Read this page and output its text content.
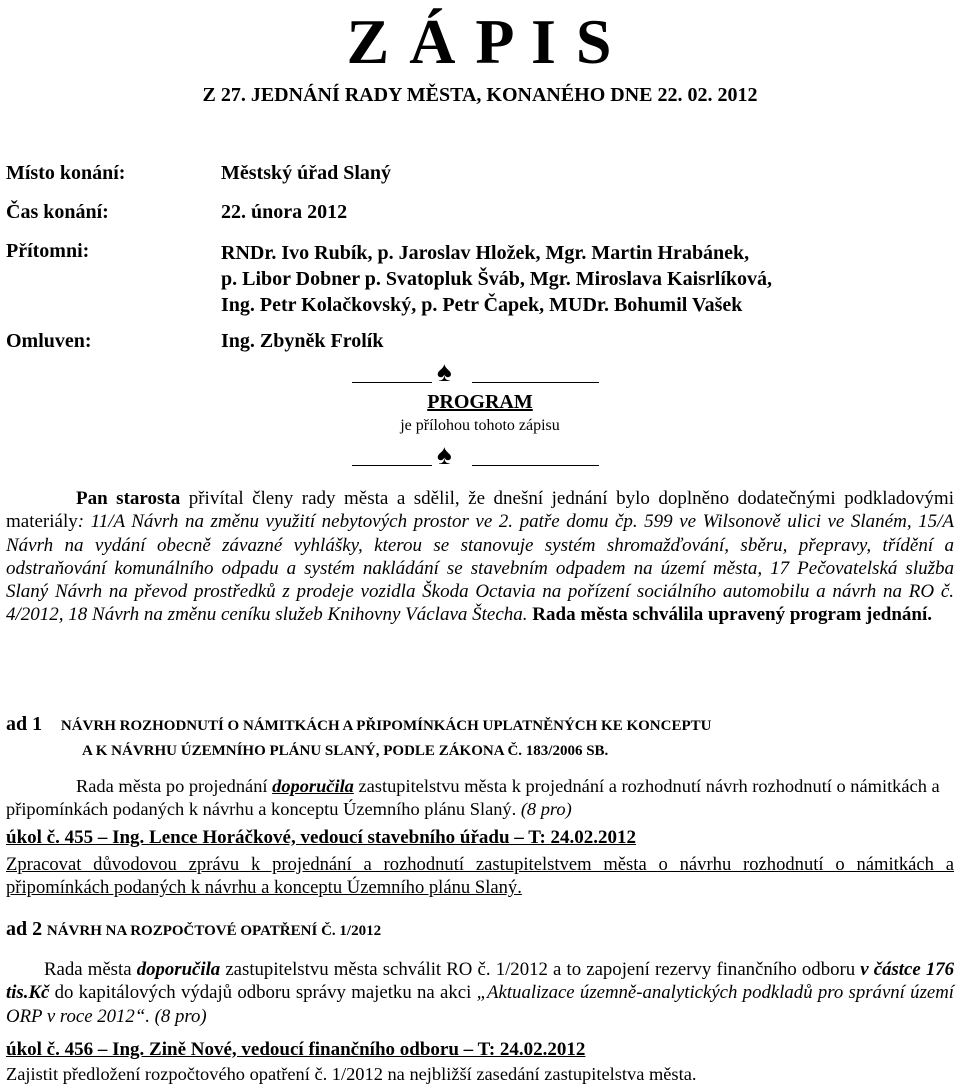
Z Á P I S
Z 27. JEDNÁNÍ RADY MĚSTA, KONANÉHO DNE 22. 02. 2012
Místo konání:	Městský úřad Slaný
Čas konání:	22. února 2012
Přítomni:	RNDr. Ivo Rubík, p. Jaroslav Hložek, Mgr. Martin Hrabánek,
p. Libor Dobner p. Svatopluk Šváb, Mgr. Miroslava Kaisrlíková,
Ing. Petr Kolačkovský, p. Petr Čapek, MUDr. Bohumil Vašek
Omluven:	Ing. Zbyněk Frolík
♠
PROGRAM
je přílohou tohoto zápisu
♠
Pan starosta přivítal členy rady města a sdělil, že dnešní jednání bylo doplněno dodatečnými podkladovými materiály: 11/A Návrh na změnu využití nebytových prostor ve 2. patře domu čp. 599 ve Wilsonově ulici ve Slaném, 15/A Návrh na vydání obecně závazné vyhlášky, kterou se stanovuje systém shromažďování, sběru, přepravy, třídění a odstraňování komunálního odpadu a systém nakládání se stavebním odpadem na území města, 17 Pečovatelská služba Slaný Návrh na převod prostředků z prodeje vozidla Škoda Octavia na pořízení sociálního automobilu a návrh na RO č. 4/2012, 18 Návrh na změnu ceníku služeb Knihovny Václava Štecha. Rada města schválila upravený program jednání.
ad 1 NÁVRH ROZHODNUTÍ O NÁMITKÁCH A PŘIPOMÍNKÁCH UPLATNĚNÝCH KE KONCEPTU
A K NÁVRHU ÚZEMNÍHO PLÁNU SLANÝ, PODLE ZÁKONA Č. 183/2006 SB.
Rada města po projednání doporučila zastupitelstvu města k projednání a rozhodnutí návrh rozhodnutí o námitkách a připomínkách podaných k návrhu a konceptu Územního plánu Slaný. (8 pro)
úkol č. 455 – Ing. Lence Horáčkové, vedoucí stavebního úřadu – T: 24.02.2012
Zpracovat důvodovou zprávu k projednání a rozhodnutí zastupitelstvem města o návrhu rozhodnutí o námitkách a připomínkách podaných k návrhu a konceptu Územního plánu Slaný.
ad 2 NÁVRH NA ROZPOČTOVÉ OPATŘENÍ Č. 1/2012
Rada města doporučila zastupitelstvu města schválit RO č. 1/2012 a to zapojení rezervy finančního odboru v částce 176 tis.Kč do kapitálových výdajů odboru správy majetku na akci „Aktualizace územně-analytických podkladů pro správní území ORP v roce 2012“. (8 pro)
úkol č. 456 – Ing. Zině Nové, vedoucí finančního odboru – T: 24.02.2012
Zajistit předložení rozpočtového opatření č. 1/2012 na nejbližší zasedání zastupitelstva města.
